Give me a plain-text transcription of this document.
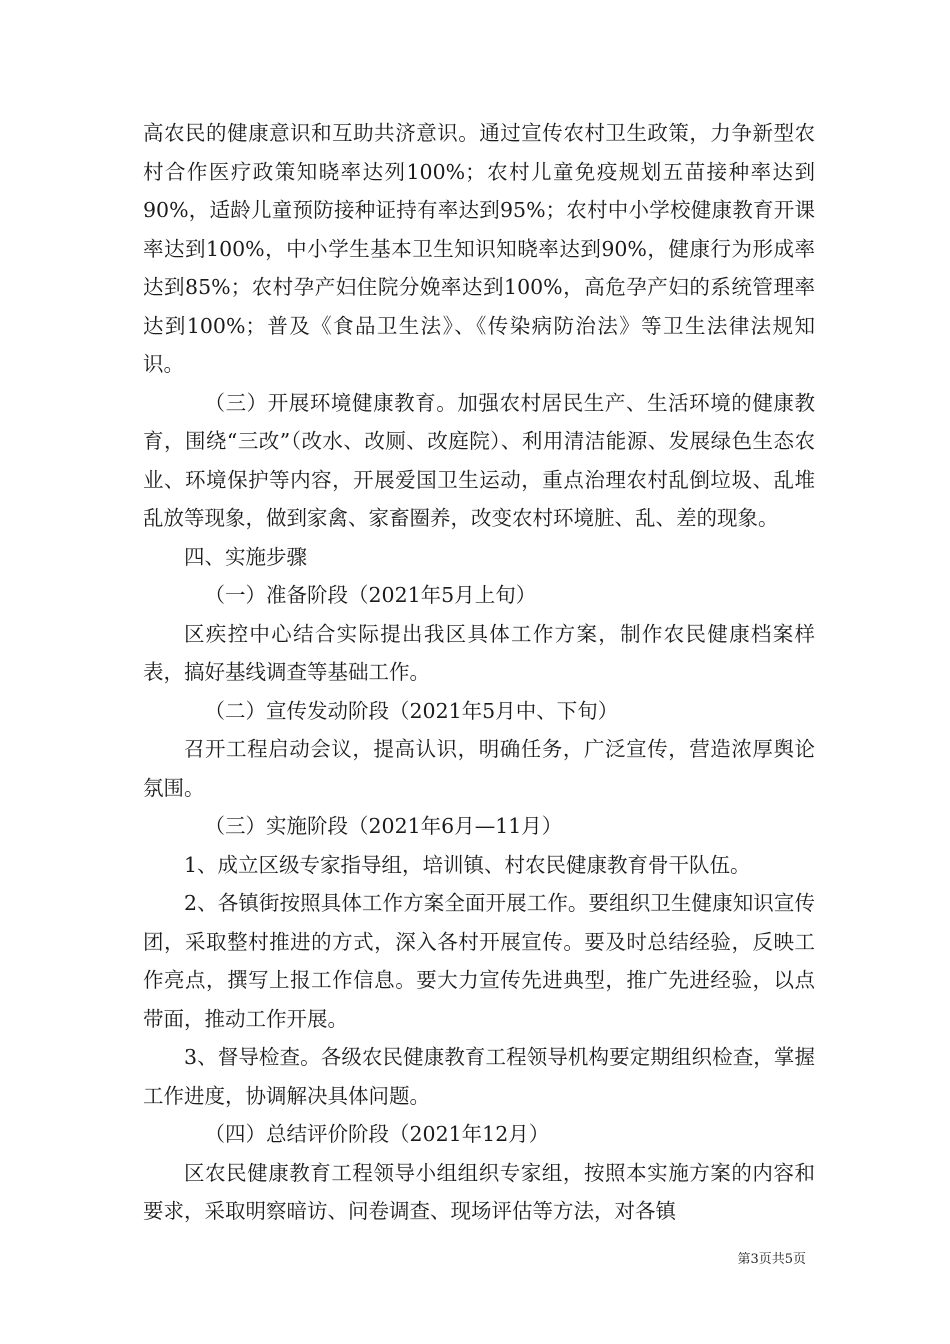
高农民的健康意识和互助共济意识。通过宣传农村卫生政策，力争新型农村合作医疗政策知晓率达列100%；农村儿童免疫规划五苗接种率达到90%，适龄儿童预防接种证持有率达到95%；农村中小学校健康教育开课率达到100%，中小学生基本卫生知识知晓率达到90%，健康行为形成率达到85%；农村孕产妇住院分娩率达到100%，高危孕产妇的系统管理率达到100%；普及《食品卫生法》、《传染病防治法》等卫生法律法规知识。

（三）开展环境健康教育。加强农村居民生产、生活环境的健康教育，围绕“三改”（改水、改厕、改庭院）、利用清洁能源、发展绿色生态农业、环境保护等内容，开展爱国卫生运动，重点治理农村乱倒垃圾、乱堆乱放等现象，做到家禽、家畜圈养，改变农村环境脏、乱、差的现象。

四、实施步骤

（一）准备阶段（2021年5月上旬）

区疾控中心结合实际提出我区具体工作方案，制作农民健康档案样表，搞好基线调查等基础工作。

（二）宣传发动阶段（2021年5月中、下旬）

召开工程启动会议，提高认识，明确任务，广泛宣传，营造浓厚舆论氛围。

（三）实施阶段（2021年6月—11月）

1、成立区级专家指导组，培训镇、村农民健康教育骨干队伍。

2、各镇街按照具体工作方案全面开展工作。要组织卫生健康知识宣传团，采取整村推进的方式，深入各村开展宣传。要及时总结经验，反映工作亮点，撰写上报工作信息。要大力宣传先进典型，推广先进经验，以点带面，推动工作开展。

3、督导检查。各级农民健康教育工程领导机构要定期组织检查，掌握工作进度，协调解决具体问题。

（四）总结评价阶段（2021年12月）

区农民健康教育工程领导小组组织专家组，按照本实施方案的内容和要求，采取明察暗访、问卷调查、现场评估等方法，对各镇

第3页共5页
